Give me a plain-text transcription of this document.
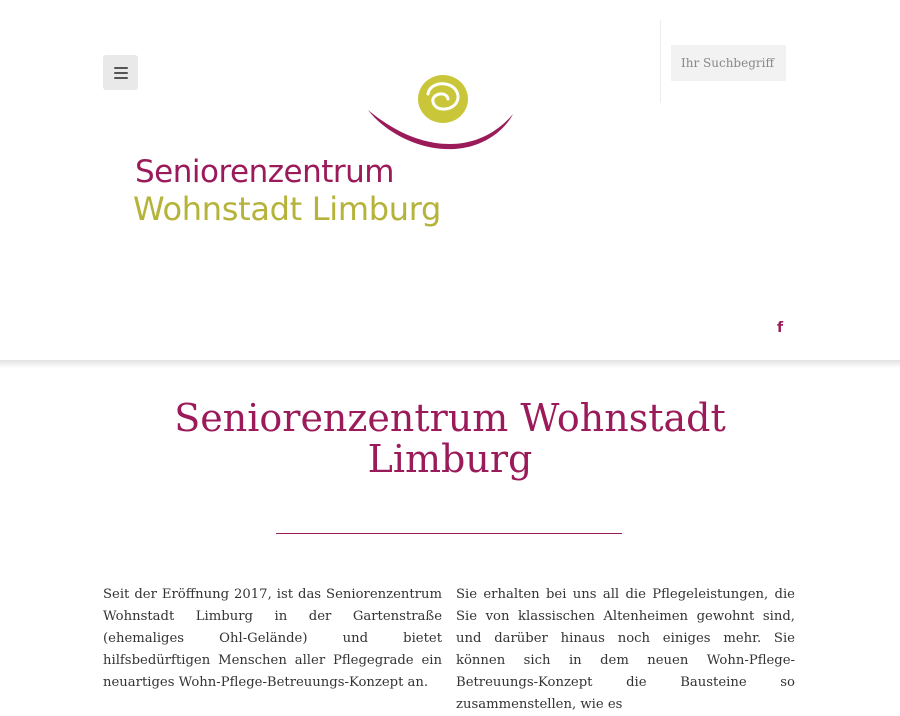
Seniorenzentrum
Wohnstadt Limburg
Ihr Suchbegriff
f
Seniorenzentrum Wohnstadt Limburg

Seit der Eröffnung 2017, ist das Seniorenzentrum Wohnstadt Limburg in der Gartenstraße (ehemaliges Ohl-Gelände) und bietet hilfsbedürftigen Menschen aller Pflegegrade ein neuartiges Wohn-Pflege-Betreuungs-Konzept an.

Sie erhalten bei uns all die Pflegeleistungen, die Sie von klassischen Altenheimen gewohnt sind, und darüber hinaus noch einiges mehr. Sie können sich in dem neuen Wohn-Pflege-Betreuungs-Konzept die Bausteine so zusammenstellen, wie es
